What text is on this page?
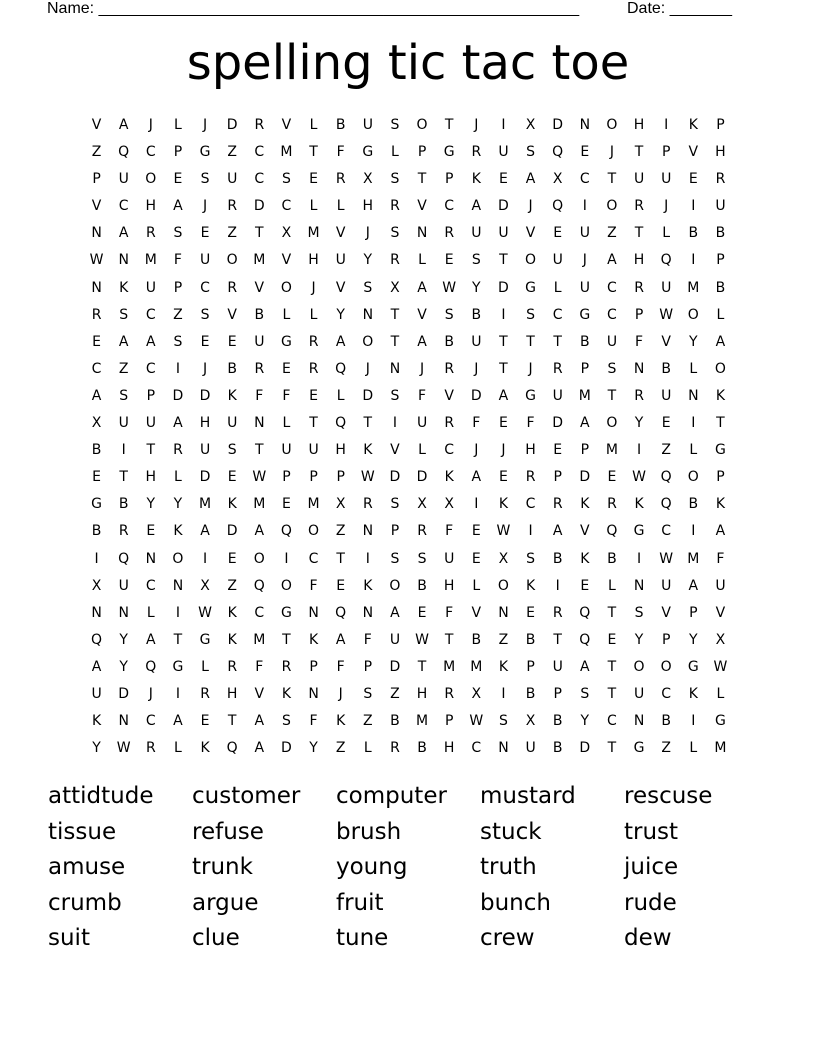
Name: ______________________________________________________	Date: _______
spelling tic tac toe
V	A	J	L	J	D	R	V	L	B	U	S	O	T	J	I	X	D	N	O	H	I	K	P
Z	Q	C	P	G	Z	C	M	T	F	G	L	P	G	R	U	S	Q	E	J	T	P	V	H
P	U	O	E	S	U	C	S	E	R	X	S	T	P	K	E	A	X	C	T	U	U	E	R
V	C	H	A	J	R	D	C	L	L	H	R	V	C	A	D	J	Q	I	O	R	J	I	U
N	A	R	S	E	Z	T	X	M	V	J	S	N	R	U	U	V	E	U	Z	T	L	B	B
W	N	M	F	U	O	M	V	H	U	Y	R	L	E	S	T	O	U	J	A	H	Q	I	P
N	K	U	P	C	R	V	O	J	V	S	X	A	W	Y	D	G	L	U	C	R	U	M	B
R	S	C	Z	S	V	B	L	L	Y	N	T	V	S	B	I	S	C	G	C	P	W	O	L
E	A	A	S	E	E	U	G	R	A	O	T	A	B	U	T	T	T	B	U	F	V	Y	A
C	Z	C	I	J	B	R	E	R	Q	J	N	J	R	J	T	J	R	P	S	N	B	L	O
A	S	P	D	D	K	F	F	E	L	D	S	F	V	D	A	G	U	M	T	R	U	N	K
X	U	U	A	H	U	N	L	T	Q	T	I	U	R	F	E	F	D	A	O	Y	E	I	T
B	I	T	R	U	S	T	U	U	H	K	V	L	C	J	J	H	E	P	M	I	Z	L	G
E	T	H	L	D	E	W	P	P	P	W	D	D	K	A	E	R	P	D	E	W	Q	O	P
G	B	Y	Y	M	K	M	E	M	X	R	S	X	X	I	K	C	R	K	R	K	Q	B	K
B	R	E	K	A	D	A	Q	O	Z	N	P	R	F	E	W	I	A	V	Q	G	C	I	A
I	Q	N	O	I	E	O	I	C	T	I	S	S	U	E	X	S	B	K	B	I	W	M	F
X	U	C	N	X	Z	Q	O	F	E	K	O	B	H	L	O	K	I	E	L	N	U	A	U
N	N	L	I	W	K	C	G	N	Q	N	A	E	F	V	N	E	R	Q	T	S	V	P	V
Q	Y	A	T	G	K	M	T	K	A	F	U	W	T	B	Z	B	T	Q	E	Y	P	Y	X
A	Y	Q	G	L	R	F	R	P	F	P	D	T	M	M	K	P	U	A	T	O	O	G	W
U	D	J	I	R	H	V	K	N	J	S	Z	H	R	X	I	B	P	S	T	U	C	K	L
K	N	C	A	E	T	A	S	F	K	Z	B	M	P	W	S	X	B	Y	C	N	B	I	G
Y	W	R	L	K	Q	A	D	Y	Z	L	R	B	H	C	N	U	B	D	T	G	Z	L	M
attidtude	customer	computer	mustard	rescuse
tissue	refuse	brush	stuck	trust
amuse	trunk	young	truth	juice
crumb	argue	fruit	bunch	rude
suit	clue	tune	crew	dew
